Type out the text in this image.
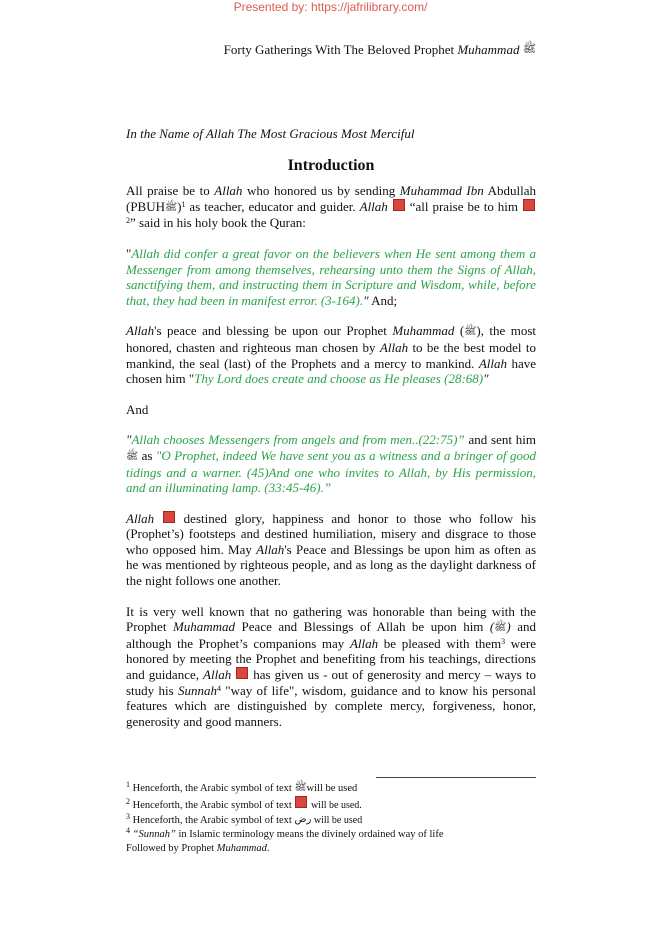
Presented by: https://jafrilibrary.com/
Forty Gatherings With The Beloved Prophet Muhammad ﷺ
In the Name of Allah The Most Gracious Most Merciful
Introduction
All praise be to Allah who honored us by sending Muhammad Ibn Abdullah (PBUHﷺ)$^1$ as teacher, educator and guider. Allah  “all praise be to him $^2$” said in his holy book the Quran:
"Allah did confer a great favor on the believers when He sent among them a Messenger from among themselves, rehearsing unto them the Signs of Allah, sanctifying them, and instructing them in Scripture and Wisdom, while, before that, they had been in manifest error. (3-164)." And;
Allah's peace and blessing be upon our Prophet Muhammad (ﷺ), the most honored, chasten and righteous man chosen by Allah to be the best model to mankind, the seal (last) of the Prophets and a mercy to mankind. Allah have chosen him "Thy Lord does create and choose as He pleases (28:68)"
And
"Allah chooses Messengers from angels and from men..(22:75)” and sent him ﷺ as "O Prophet, indeed We have sent you as a witness and a bringer of good tidings and a warner. (45)And one who invites to Allah, by His permission, and an illuminating lamp. (33:45-46).”
Allah  destined glory, happiness and honor to those who follow his (Prophet’s) footsteps and destined humiliation, misery and disgrace to those who opposed him. May Allah's Peace and Blessings be upon him as often as he was mentioned by righteous people, and as long as the daylight darkness of the night follows one another.
It is very well known that no gathering was honorable than being with the Prophet Muhammad Peace and Blessings of Allah be upon him (ﷺ) and although the Prophet’s companions may Allah be pleased with them$^3$ were honored by meeting the Prophet and benefiting from his teachings, directions and guidance, Allah  has given us - out of generosity and mercy – ways to study his Sunnah$^4$ "way of life", wisdom, guidance and to know his personal features which are distinguished by complete mercy, forgiveness, honor, generosity and good manners.
$^1$ Henceforth, the Arabic symbol of text ﷺwill be used
$^2$ Henceforth, the Arabic symbol of text  will be used.
$^3$ Henceforth, the Arabic symbol of text رض will be used
$^4$ “Sunnah” in Islamic terminology means the divinely ordained way of life
Followed by Prophet Muhammad.
